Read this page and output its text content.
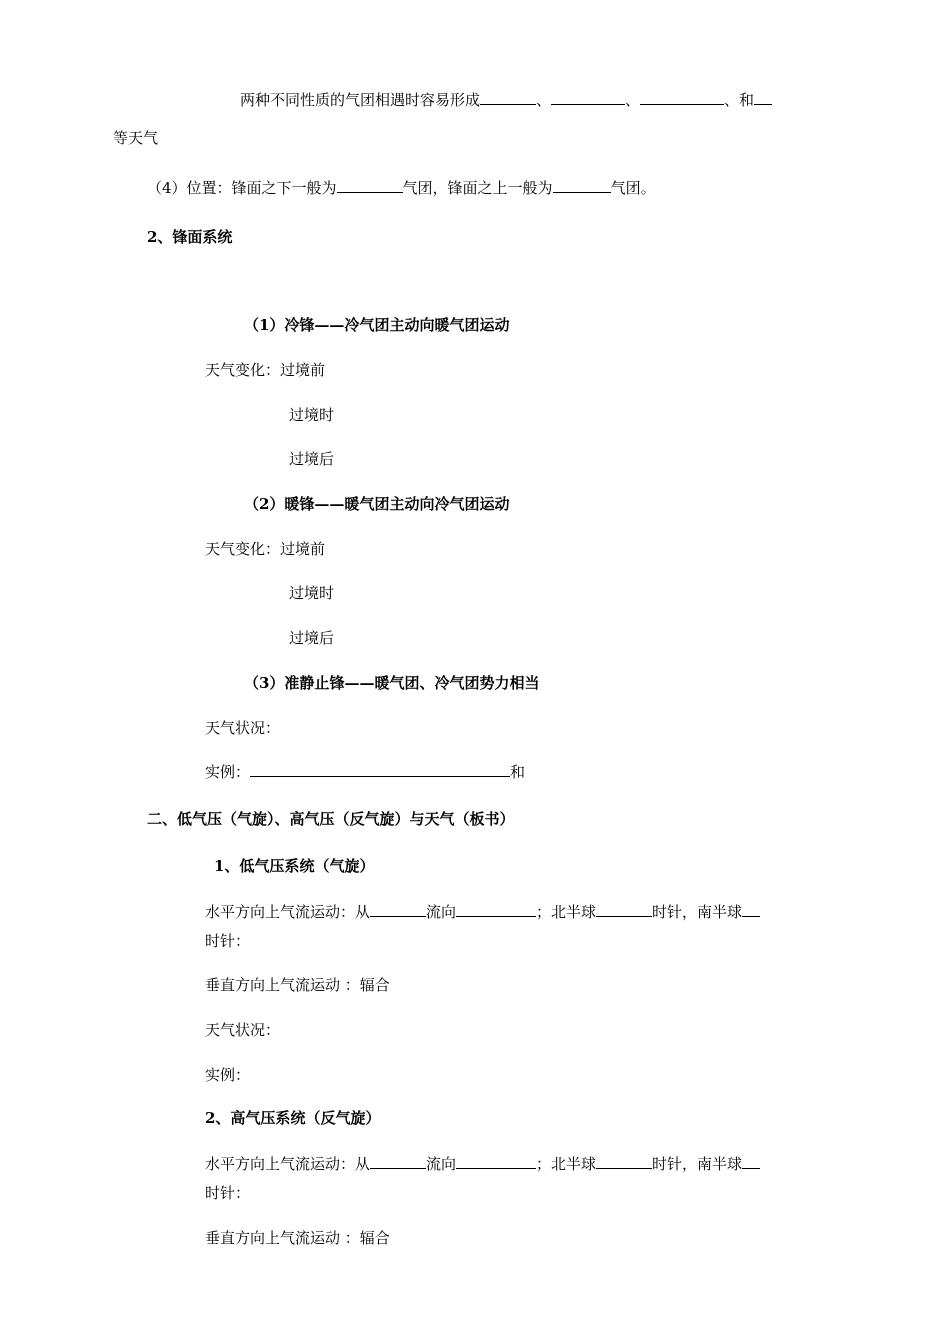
两种不同性质的气团相遇时容易形成	、	、	、和
等天气
（4）位置：锋面之下一般为	气团，锋面之上一般为	气团。
2、锋面系统
（1）冷锋——冷气团主动向暖气团运动
天气变化：过境前
过境时
过境后
（2）暖锋——暖气团主动向冷气团运动
天气变化：过境前
过境时
过境后
（3）准静止锋——暖气团、冷气团势力相当
天气状况：
实例：	和
二、低气压（气旋）、高气压（反气旋）与天气（板书）
1、低气压系统（气旋）
水平方向上气流运动：从	流向	；北半球	时针，南半球
时针：
垂直方向上气流运动 ：辐合
天气状况：
实例：
2、高气压系统（反气旋）
水平方向上气流运动：从	流向	；北半球	时针，南半球
时针：
垂直方向上气流运动 ：辐合
